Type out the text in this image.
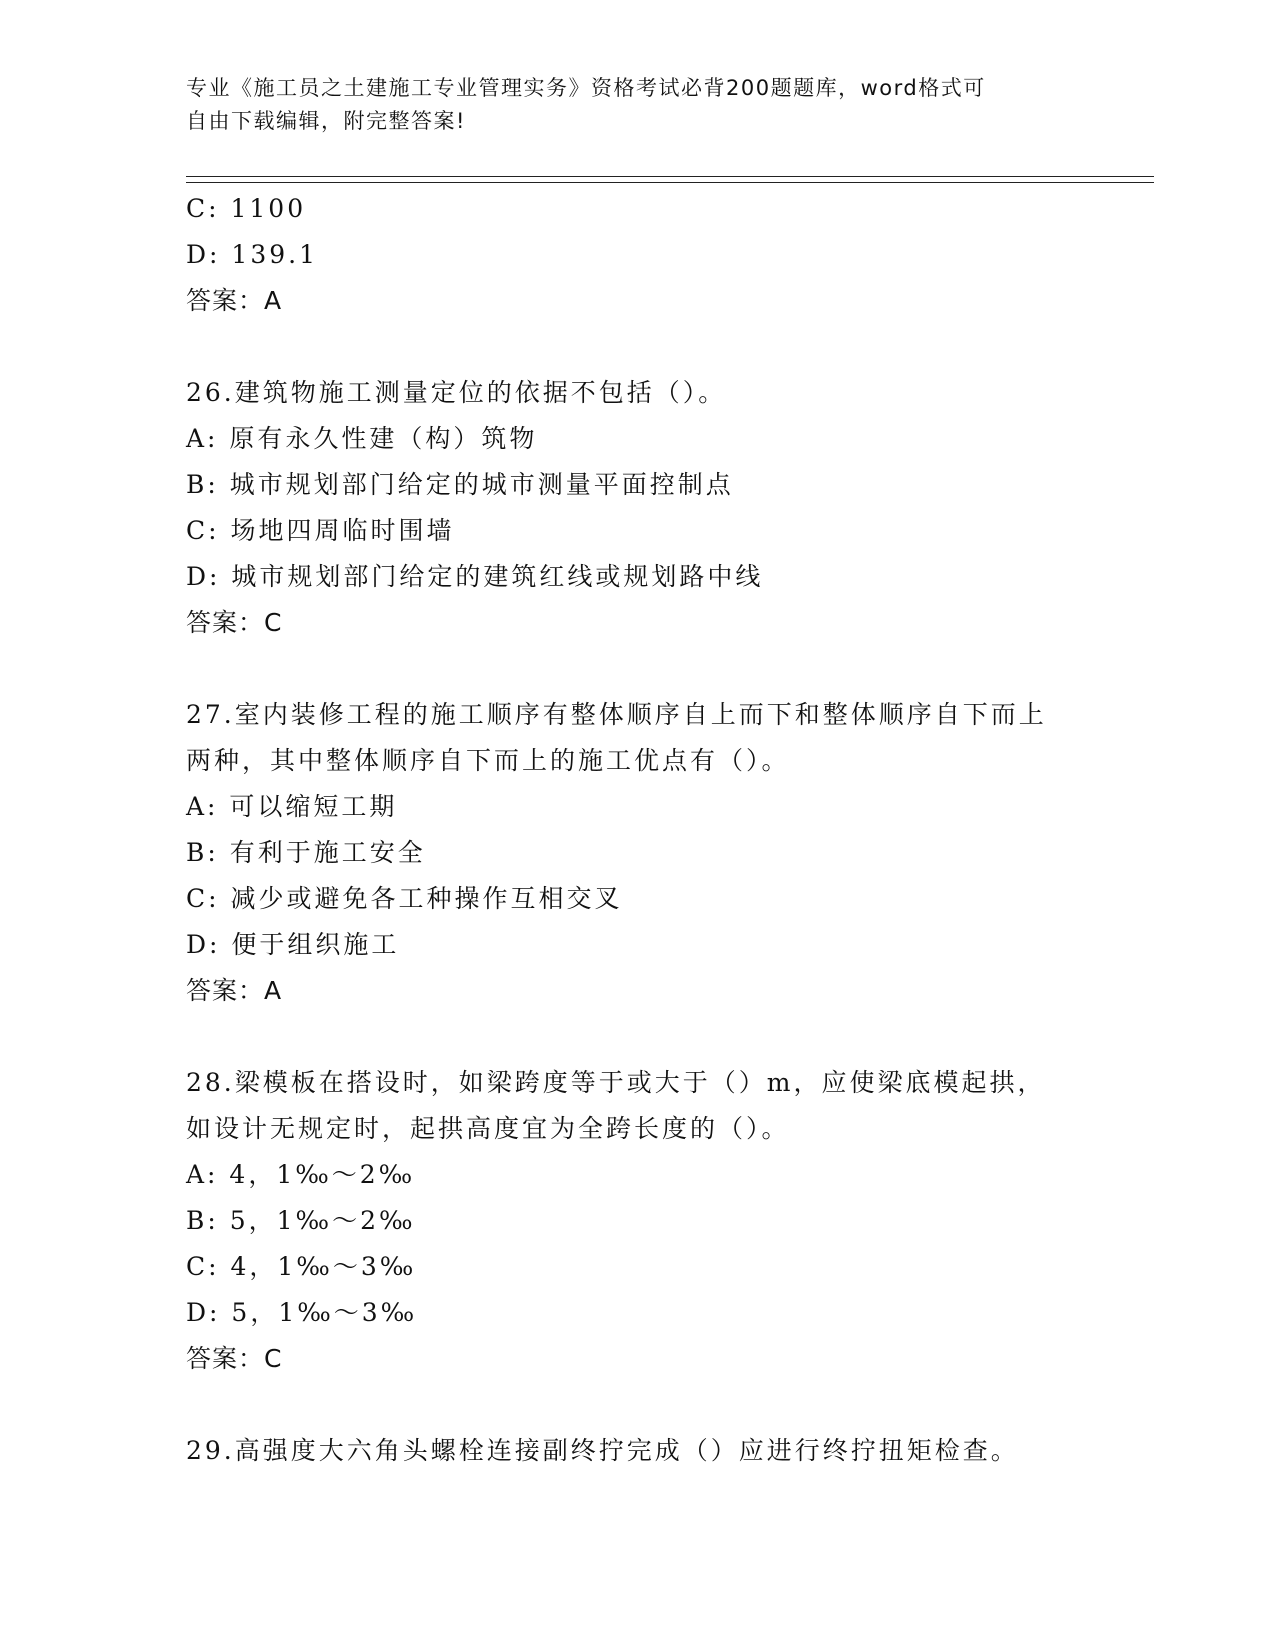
专业《施工员之土建施工专业管理实务》资格考试必背200题题库，word格式可
自由下载编辑，附完整答案!
C: 1100
D: 139.1
答案：A
26.建筑物施工测量定位的依据不包括（）。
A: 原有永久性建（构）筑物
B: 城市规划部门给定的城市测量平面控制点
C: 场地四周临时围墙
D: 城市规划部门给定的建筑红线或规划路中线
答案：C
27.室内装修工程的施工顺序有整体顺序自上而下和整体顺序自下而上
两种，其中整体顺序自下而上的施工优点有（）。
A: 可以缩短工期
B: 有利于施工安全
C: 减少或避免各工种操作互相交叉
D: 便于组织施工
答案：A
28.梁模板在搭设时，如梁跨度等于或大于（）m，应使梁底模起拱，
如设计无规定时，起拱高度宜为全跨长度的（）。
A: 4，1‰～2‰
B: 5，1‰～2‰
C: 4，1‰～3‰
D: 5，1‰～3‰
答案：C
29.高强度大六角头螺栓连接副终拧完成（）应进行终拧扭矩检查。
